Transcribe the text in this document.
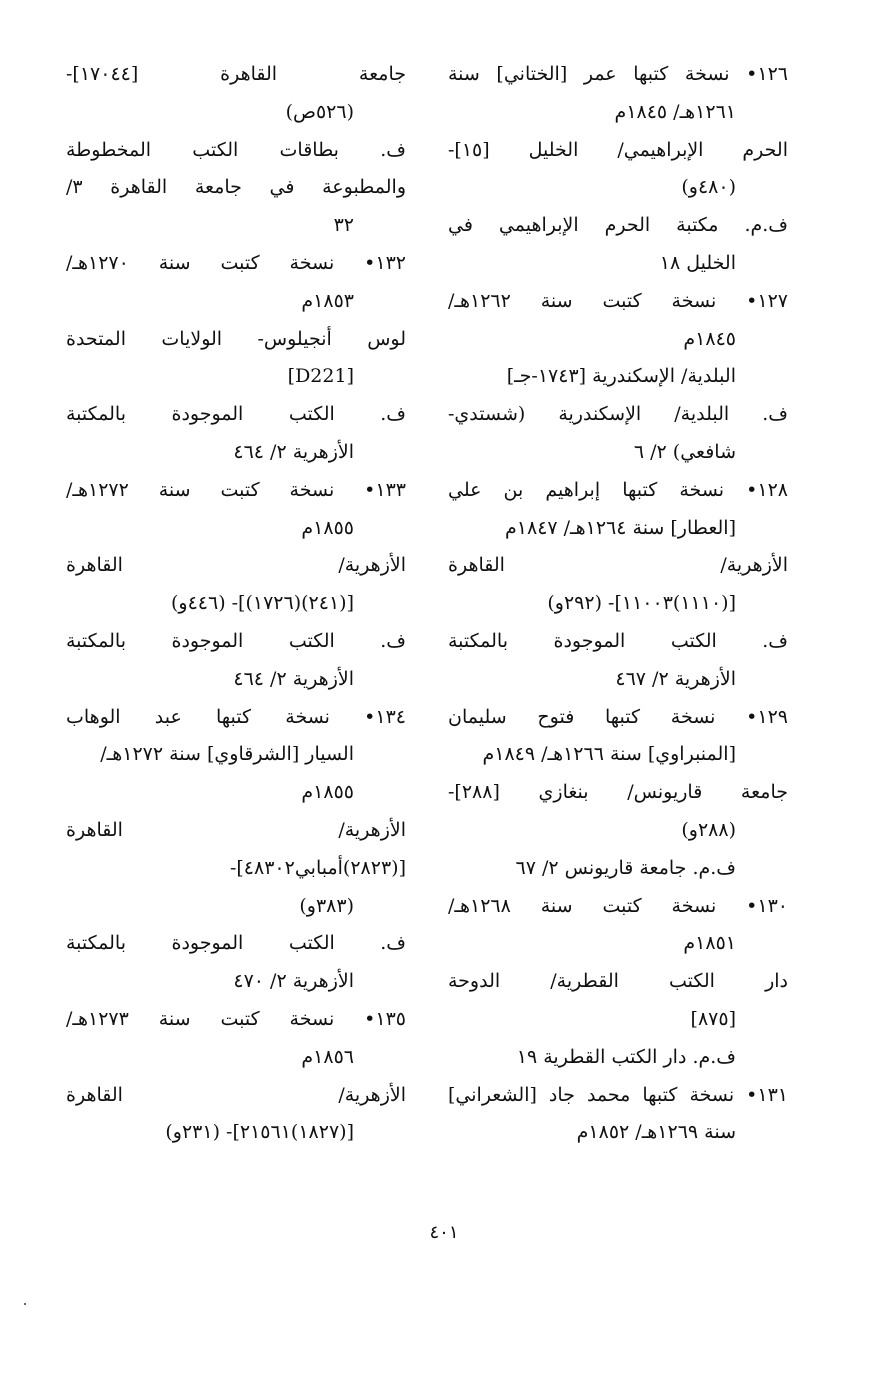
١٢٦• نسخة كتبها عمر [الختاني] سنة
١٢٦١هـ/ ١٨٤٥م
الحرم الإبراهيمي/ الخليل [١٥]-
(٤٨٠و)
ف.م. مكتبة الحرم الإبراهيمي في
الخليل ١٨
١٢٧• نسخة كتبت سنة ١٢٦٢هـ/
١٨٤٥م
البلدية/ الإسكندرية [١٧٤٣-جـ]
ف. البلدية/ الإسكندرية (شستدي-
شافعي) ٢/ ٦
١٢٨• نسخة كتبها إبراهيم بن علي
[العطار] سنة ١٢٦٤هـ/ ١٨٤٧م
الأزهرية/ القاهرة
[(١١١٠)١١٠٠٣]- (٢٩٢و)
ف. الكتب الموجودة بالمكتبة
الأزهرية ٢/ ٤٦٧
١٢٩• نسخة كتبها فتوح سليمان
[المنبراوي] سنة ١٢٦٦هـ/ ١٨٤٩م
جامعة قاريونس/ بنغازي [٢٨٨]-
(٢٨٨و)
ف.م. جامعة قاريونس ٢/ ٦٧
١٣٠• نسخة كتبت سنة ١٢٦٨هـ/
١٨٥١م
دار الكتب القطرية/ الدوحة
[٨٧٥]
ف.م. دار الكتب القطرية ١٩
١٣١• نسخة كتبها محمد جاد [الشعراني]
سنة ١٢٦٩هـ/ ١٨٥٢م
جامعة القاهرة [١٧٠٤٤]-
(٥٢٦ص)
ف. بطاقات الكتب المخطوطة
والمطبوعة في جامعة القاهرة ٣/
٣٢
١٣٢• نسخة كتبت سنة ١٢٧٠هـ/
١٨٥٣م
لوس أنجيلوس- الولايات المتحدة
[D221]
ف. الكتب الموجودة بالمكتبة
الأزهرية ٢/ ٤٦٤
١٣٣• نسخة كتبت سنة ١٢٧٢هـ/
١٨٥٥م
الأزهرية/ القاهرة
[(٢٤١)(١٧٢٦)]- (٤٤٦و)
ف. الكتب الموجودة بالمكتبة
الأزهرية ٢/ ٤٦٤
١٣٤• نسخة كتبها عبد الوهاب
السيار [الشرقاوي] سنة ١٢٧٢هـ/
١٨٥٥م
الأزهرية/ القاهرة
[(٢٨٢٣)أمبابي٤٨٣٠٢]-
(٣٨٣و)
ف. الكتب الموجودة بالمكتبة
الأزهرية ٢/ ٤٧٠
١٣٥• نسخة كتبت سنة ١٢٧٣هـ/
١٨٥٦م
الأزهرية/ القاهرة
[(١٨٢٧)٢١٥٦١]- (٢٣١و)
٤٠١
